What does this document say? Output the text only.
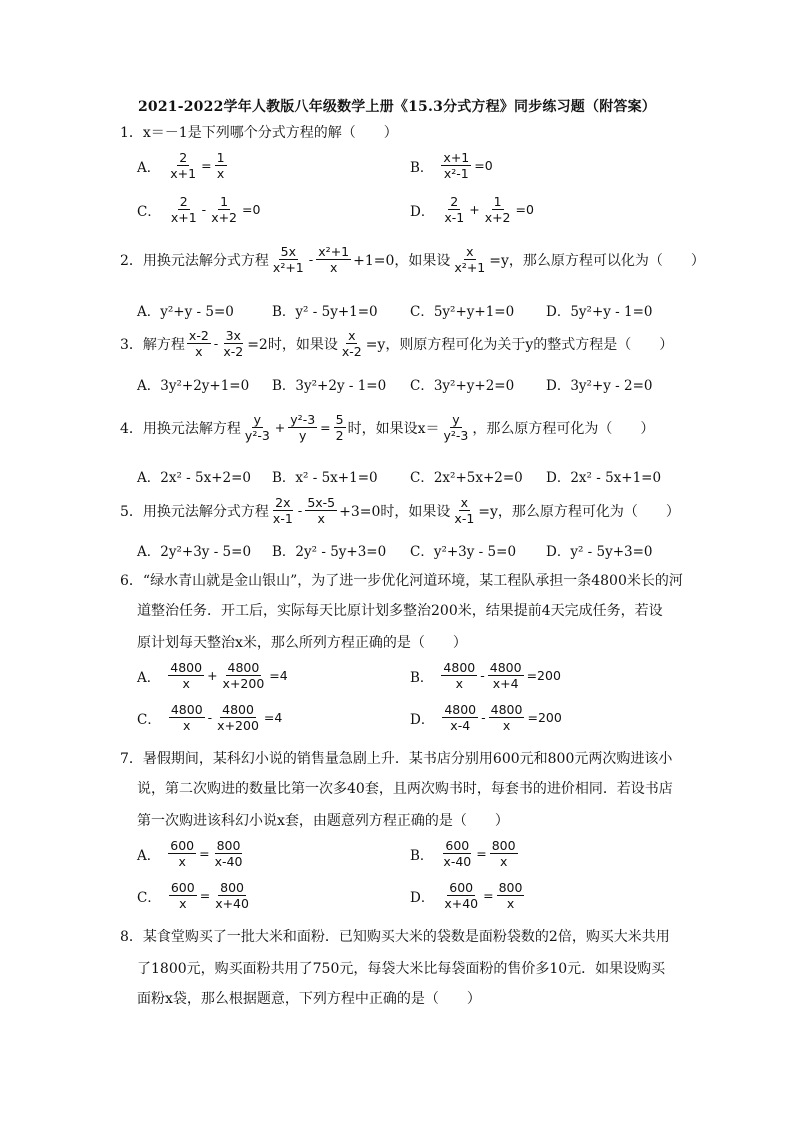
2021-2022学年人教版八年级数学上册《15.3分式方程》同步练习题（附答案）
1．x＝－1是下列哪个分式方程的解（　　）
A． $\frac{2}{x+1} = \frac{1}{x}$	B． $\frac{x+1}{\text{x²-1}} =0$
C． $\frac{2}{x+1} - \frac{1}{x+2} =0$	D． $\frac{2}{x-1} + \frac{1}{x+2} =0$
2．用换元法解分式方程 $\frac{5x}{\text{x²+1}} - \frac{\text{x²+1}}{x} +1=0$，如果设 $\frac{x}{\text{x²+1}} =y$，那么原方程可以化为（　　）
A．y²+y - 5=0	B．y² - 5y+1=0 C．5y²+y+1=0 D．5y²+y - 1=0
3．解方程 $\frac{x-2}{x} - \frac{3x}{x-2} =2$时，如果设 $\frac{x}{x-2} =y$，则原方程可化为关于y的整式方程是（　　）
A．3y²+2y+1=0 B．3y²+2y - 1=0 C．3y²+y+2=0 D．3y²+y - 2=0
4．用换元法解方程 $\frac{y}{\text{y²-3}} + \frac{\text{y²-3}}{y} = \frac{5}{2}$ 时，如果设$x= \frac{y}{\text{y²-3}}$ ，那么原方程可化为（　　）
A．2x² - 5x+2=0 B．x² - 5x+1=0 C．2x²+5x+2=0 D．2x² - 5x+1=0
5．用换元法解分式方程 $\frac{2x}{x-1} - \frac{5x-5}{x} +3=0$时，如果设 $\frac{x}{x-1} =y$，那么原方程可化为（　　）
A．2y²+3y - 5=0 B．2y² - 5y+3=0 C．y²+3y - 5=0 D．y² - 5y+3=0
6．“绿水青山就是金山银山”，为了进一步优化河道环境，某工程队承担一条4800米长的河
道整治任务．开工后，实际每天比原计划多整治200米，结果提前4天完成任务，若设
原计划每天整治x米，那么所列方程正确的是（　　）
A． $\frac{4800}{x} + \frac{4800}{x+200} =4$	B． $\frac{4800}{x} - \frac{4800}{x+4} =200$
C． $\frac{4800}{x} - \frac{4800}{x+200} =4$	D． $\frac{4800}{x-4} - \frac{4800}{x} =200$
7．暑假期间，某科幻小说的销售量急剧上升．某书店分别用600元和800元两次购进该小
说，第二次购进的数量比第一次多40套，且两次购书时，每套书的进价相同．若设书店
第一次购进该科幻小说x套，由题意列方程正确的是（　　）
A． $\frac{600}{x} = \frac{800}{x-40}$	B． $\frac{600}{x-40} = \frac{800}{x}$
C． $\frac{600}{x} = \frac{800}{x+40}$	D． $\frac{600}{x+40} = \frac{800}{x}$
8．某食堂购买了一批大米和面粉．已知购买大米的袋数是面粉袋数的2倍，购买大米共用
了1800元，购买面粉共用了750元，每袋大米比每袋面粉的售价多10元．如果设购买
面粉x袋，那么根据题意，下列方程中正确的是（　　）
